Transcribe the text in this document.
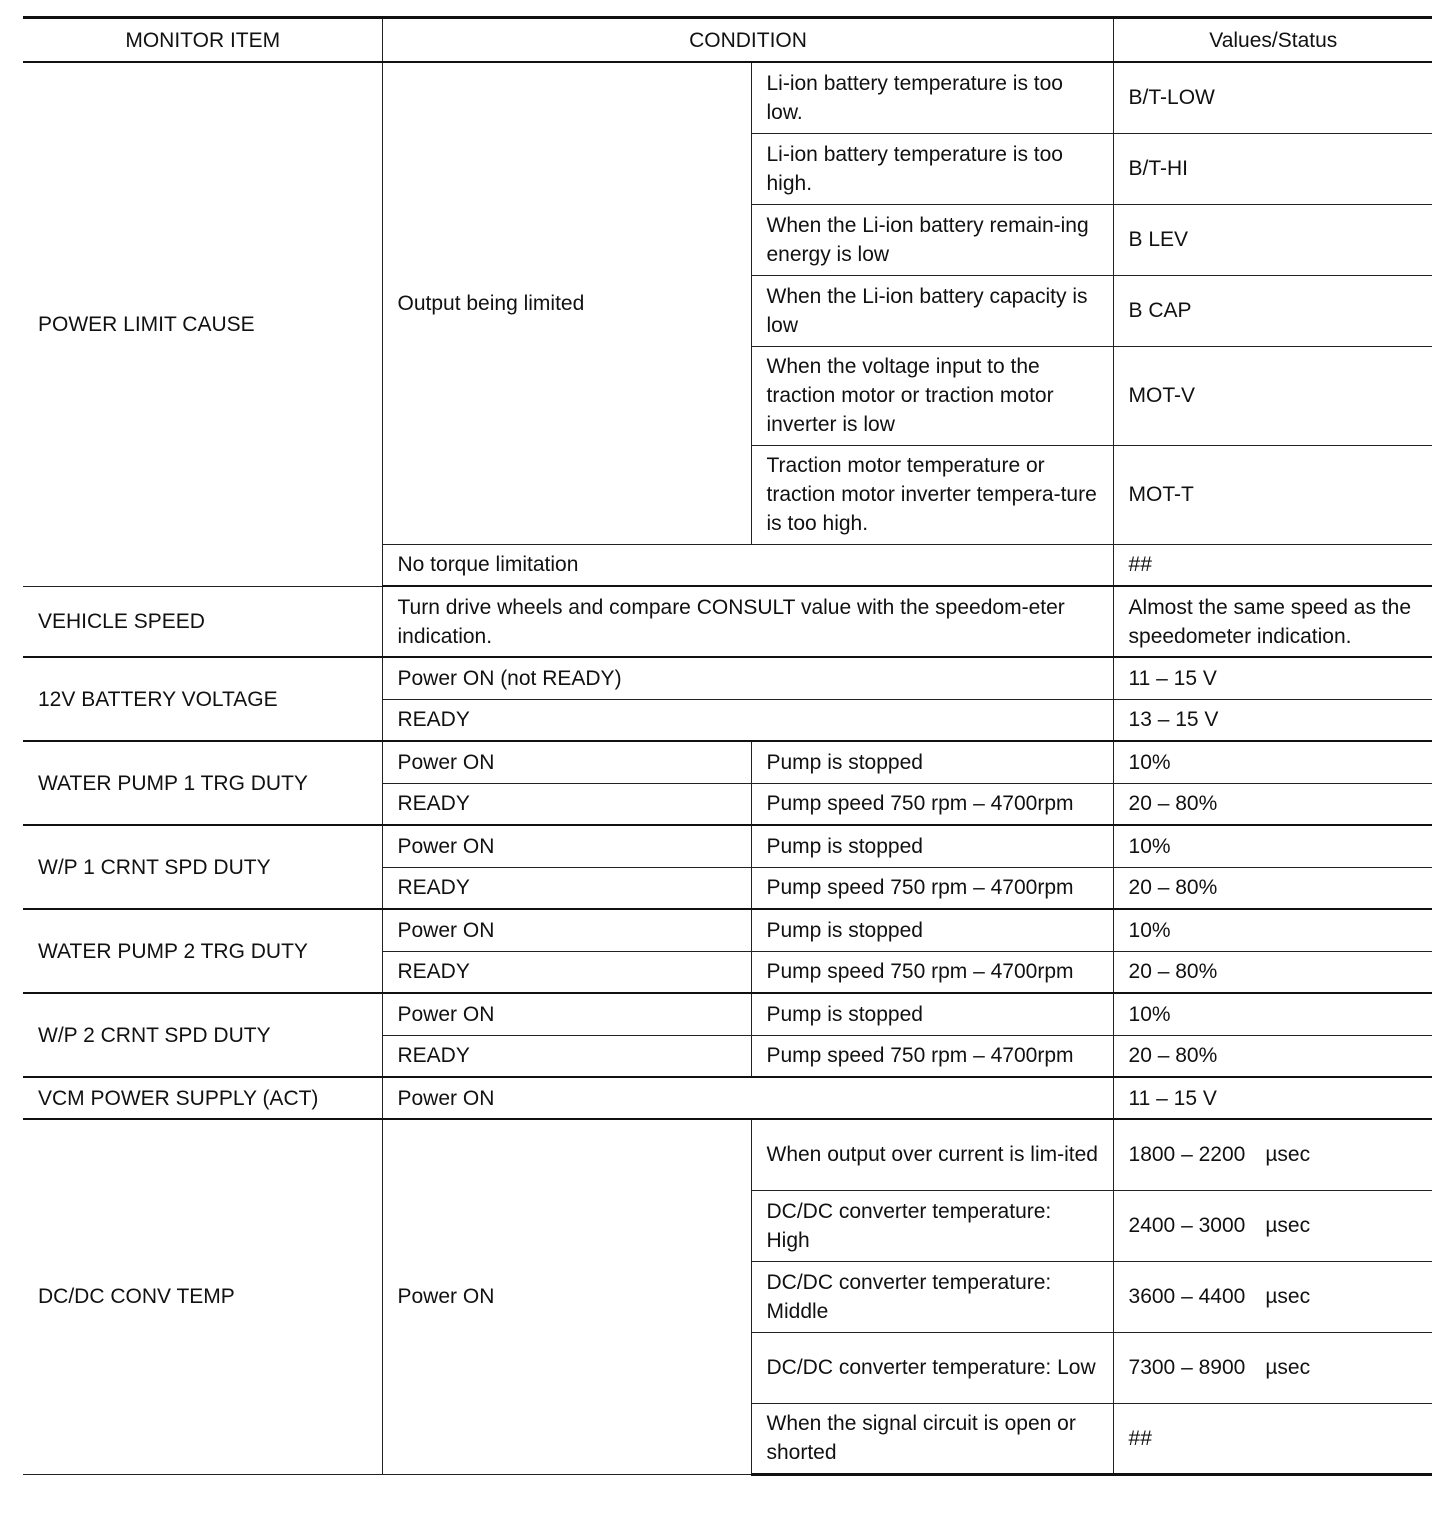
MONITOR ITEM	CONDITION		Values/Status
POWER LIMIT CAUSE	Output being limited	Li-ion battery temperature is too low.	B/T-LOW
		Li-ion battery temperature is too high.	B/T-HI
		When the Li-ion battery remain-ing energy is low	B LEV
		When the Li-ion battery capacity is low	B CAP
		When the voltage input to the traction motor or traction motor inverter is low	MOT-V
		Traction motor temperature or traction motor inverter tempera-ture is too high.	MOT-T
	No torque limitation		##
VEHICLE SPEED	Turn drive wheels and compare CONSULT value with the speedom-eter indication.		Almost the same speed as the speedometer indication.
12V BATTERY VOLTAGE	Power ON (not READY)		11 – 15 V
	READY		13 – 15 V
WATER PUMP 1 TRG DUTY	Power ON	Pump is stopped	10%
	READY	Pump speed 750 rpm – 4700rpm	20 – 80%
W/P 1 CRNT SPD DUTY	Power ON	Pump is stopped	10%
	READY	Pump speed 750 rpm – 4700rpm	20 – 80%
WATER PUMP 2 TRG DUTY	Power ON	Pump is stopped	10%
	READY	Pump speed 750 rpm – 4700rpm	20 – 80%
W/P 2 CRNT SPD DUTY	Power ON	Pump is stopped	10%
	READY	Pump speed 750 rpm – 4700rpm	20 – 80%
VCM POWER SUPPLY (ACT)	Power ON		11 – 15 V
DC/DC CONV TEMP	Power ON	When output over current is lim-ited	1800 – 2200 µsec
		DC/DC converter temperature: High	2400 – 3000 µsec
		DC/DC converter temperature: Middle	3600 – 4400 µsec
		DC/DC converter temperature: Low	7300 – 8900 µsec
		When the signal circuit is open or shorted	##
